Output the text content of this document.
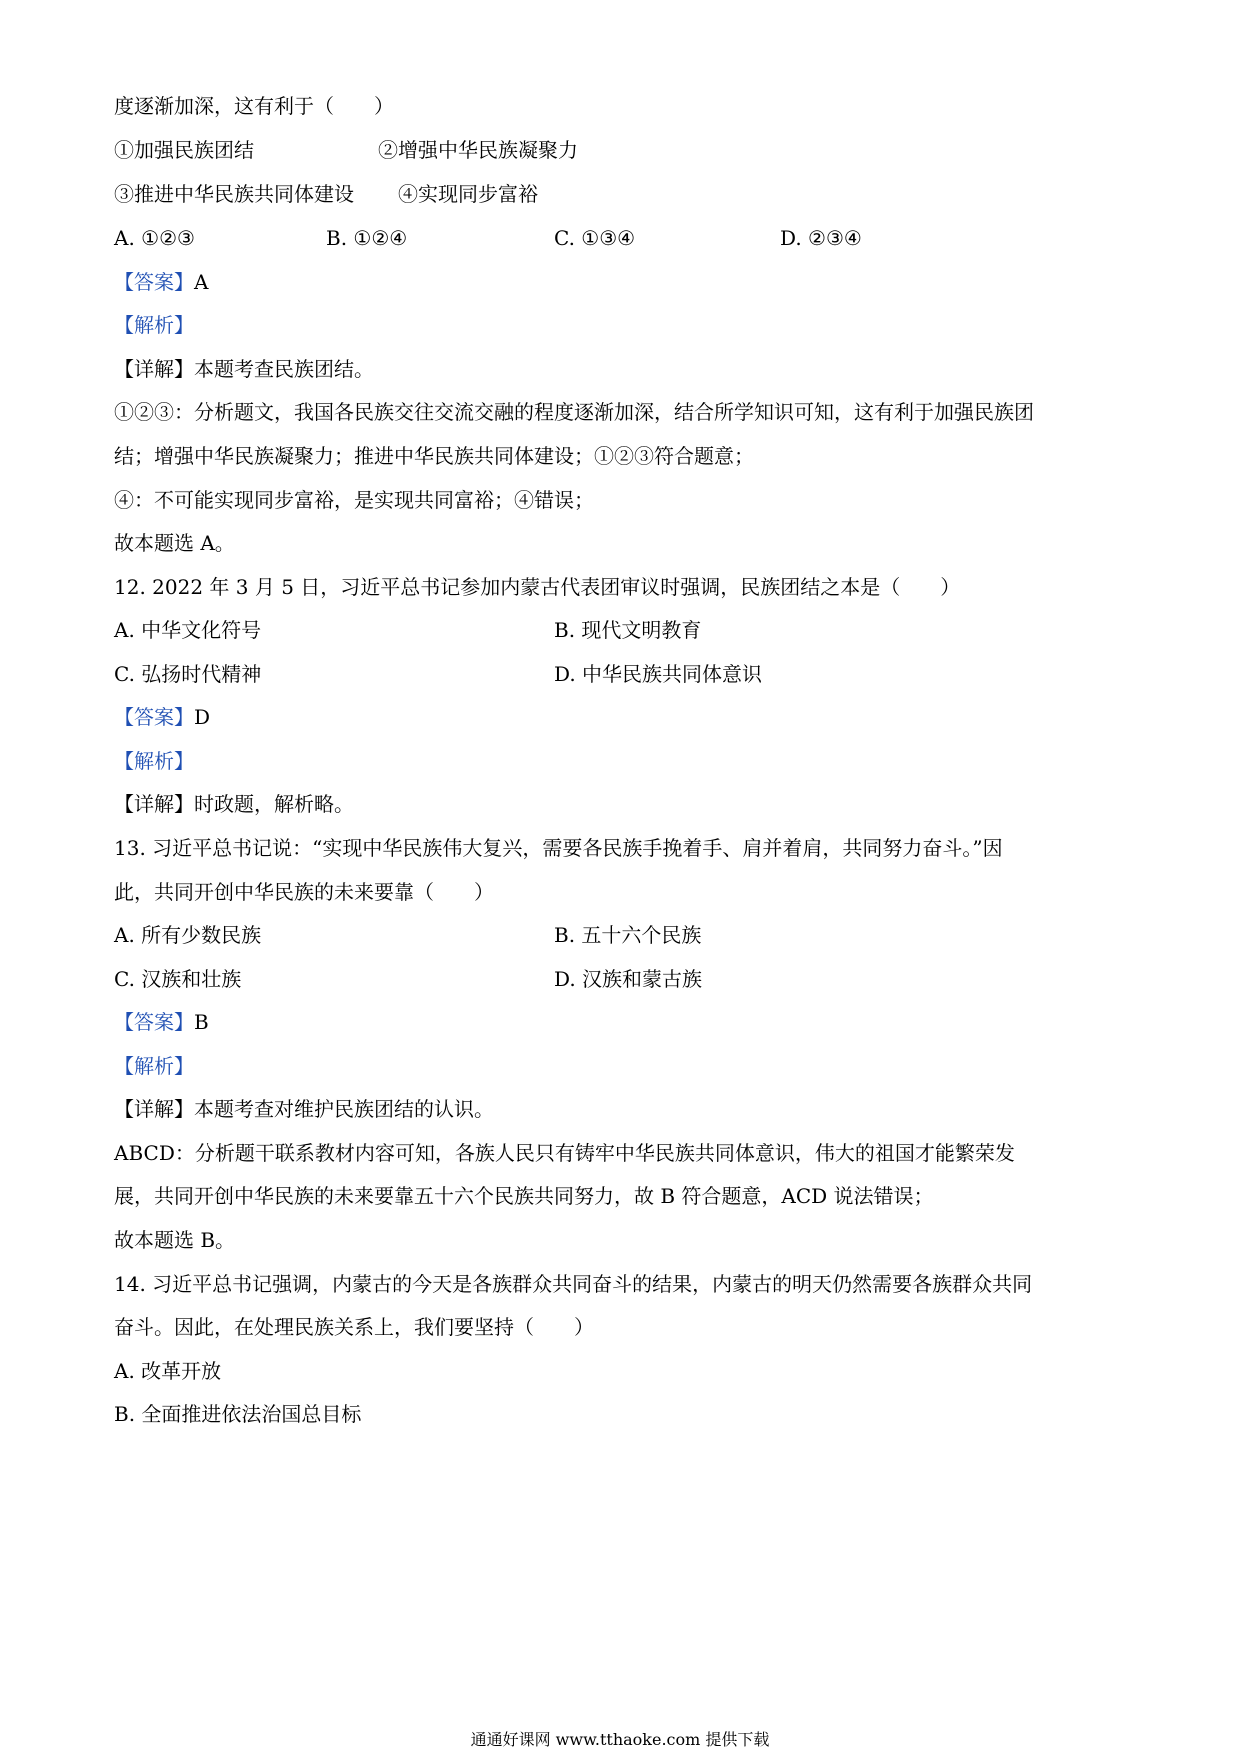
度逐渐加深，这有利于（　　）
①加强民族团结	②增强中华民族凝聚力
③推进中华民族共同体建设 ④实现同步富裕
A. ①②③	B. ①②④	C. ①③④	D. ②③④
【答案】A
【解析】
【详解】本题考查民族团结。
①②③：分析题文，我国各民族交往交流交融的程度逐渐加深，结合所学知识可知，这有利于加强民族团
结；增强中华民族凝聚力；推进中华民族共同体建设；①②③符合题意；
④：不可能实现同步富裕，是实现共同富裕；④错误；
故本题选 A。
12. 2022 年 3 月 5 日，习近平总书记参加内蒙古代表团审议时强调，民族团结之本是（　　）
A. 中华文化符号	B. 现代文明教育
C. 弘扬时代精神	D. 中华民族共同体意识
【答案】D
【解析】
【详解】时政题，解析略。
13. 习近平总书记说：“实现中华民族伟大复兴，需要各民族手挽着手、肩并着肩，共同努力奋斗。”因
此，共同开创中华民族的未来要靠（　　）
A. 所有少数民族	B. 五十六个民族
C. 汉族和壮族	D. 汉族和蒙古族
【答案】B
【解析】
【详解】本题考查对维护民族团结的认识。
ABCD：分析题干联系教材内容可知，各族人民只有铸牢中华民族共同体意识，伟大的祖国才能繁荣发
展，共同开创中华民族的未来要靠五十六个民族共同努力，故 B 符合题意，ACD 说法错误；
故本题选 B。
14. 习近平总书记强调，内蒙古的今天是各族群众共同奋斗的结果，内蒙古的明天仍然需要各族群众共同
奋斗。因此，在处理民族关系上，我们要坚持（　　）
A. 改革开放
B. 全面推进依法治国总目标
通通好课网 www.tthaoke.com 提供下载
